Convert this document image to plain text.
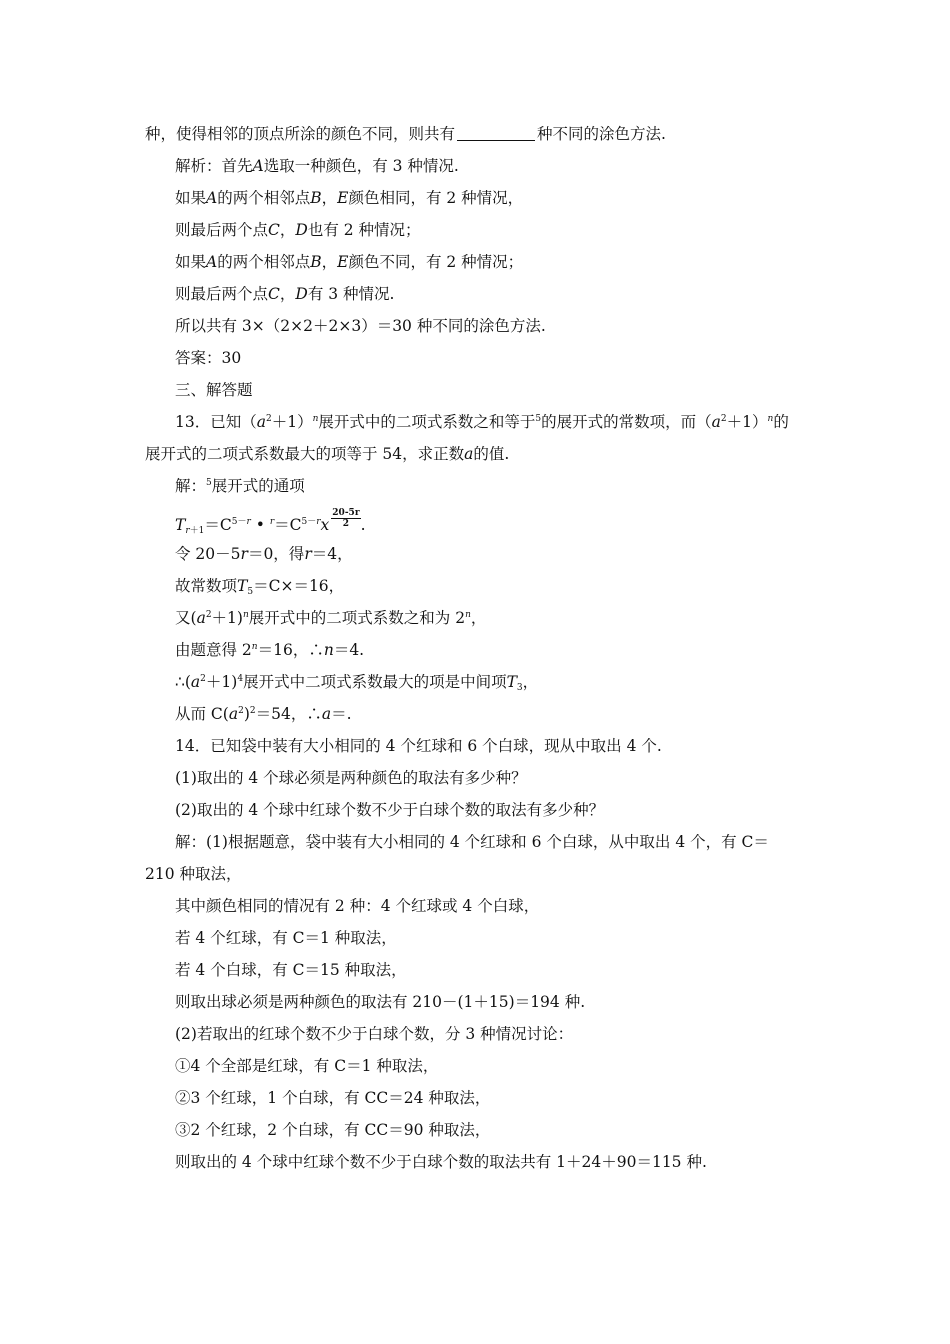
种，使得相邻的顶点所涂的颜色不同，则共有	种不同的涂色方法.
解析：首先A选取一种颜色，有 3 种情况.
如果A的两个相邻点B，E颜色相同，有 2 种情况，
则最后两个点C，D也有 2 种情况；
如果A的两个相邻点B，E颜色不同，有 2 种情况；
则最后两个点C，D有 3 种情况.
所以共有 3×（2×2＋2×3）＝30 种不同的涂色方法.
答案：30
三、解答题
13．已知$(a^2+1)^n$展开式中的二项式系数之和等于$^5$的展开式的常数项，而$(a^2+1)^n$的
展开式的二项式系数最大的项等于 54，求正数a的值.
解：$^5$展开式的通项
$T_{r+1}=C^{5-r}$ • $^r=C^{5-r}x \frac{20-5r}{2}$ .
令 20－5r＝0，得r＝4，
故常数项$T_5=C\times=16$，
又$(a^2+1)^n$展开式中的二项式系数之和为 2$^n$，
由题意得 $2^n=16$，∴n＝4.
$\therefore(a^2+1)^4$展开式中二项式系数最大的项是中间项$T_3$，
从而 $C(a^2)^2=54$，∴a＝.
14．已知袋中装有大小相同的 4 个红球和 6 个白球，现从中取出 4 个.
(1)取出的 4 个球必须是两种颜色的取法有多少种？
(2)取出的 4 个球中红球个数不少于白球个数的取法有多少种？
解：(1)根据题意，袋中装有大小相同的 4 个红球和 6 个白球，从中取出 4 个，有 C＝
210 种取法，
其中颜色相同的情况有 2 种：4 个红球或 4 个白球，
若 4 个红球，有 C＝1 种取法，
若 4 个白球，有 C＝15 种取法，
则取出球必须是两种颜色的取法有 210－(1＋15)＝194 种.
(2)若取出的红球个数不少于白球个数，分 3 种情况讨论：
①4 个全部是红球，有 C＝1 种取法，
②3 个红球，1 个白球，有 CC＝24 种取法，
③2 个红球，2 个白球，有 CC＝90 种取法，
则取出的 4 个球中红球个数不少于白球个数的取法共有 1＋24＋90＝115 种.
